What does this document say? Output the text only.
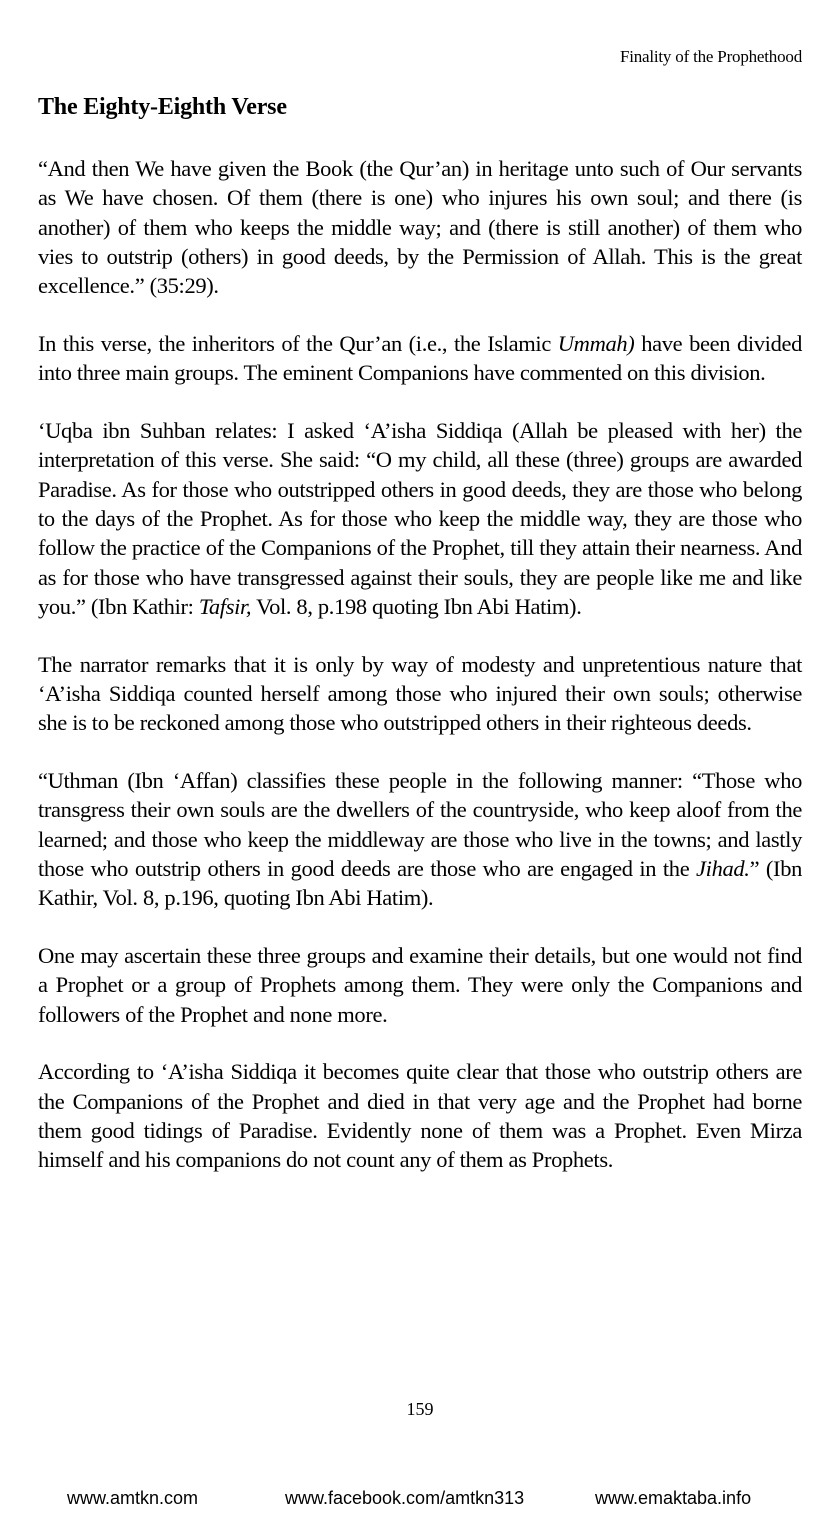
Finality of the Prophethood
The Eighty-Eighth Verse

“And then We have given the Book (the Qur’an) in heritage unto such of Our servants as We have chosen. Of them (there is one) who injures his own soul; and there (is another) of them who keeps the middle way; and (there is still another) of them who vies to outstrip (others) in good deeds, by the Permission of Allah. This is the great excellence.” (35:29).

In this verse, the inheritors of the Qur’an (i.e., the Islamic Ummah) have been divided into three main groups. The eminent Companions have commented on this division.

‘Uqba ibn Suhban relates: I asked ‘A’isha Siddiqa (Allah be pleased with her) the interpretation of this verse. She said: “O my child, all these (three) groups are awarded Paradise. As for those who outstripped others in good deeds, they are those who belong to the days of the Prophet. As for those who keep the middle way, they are those who follow the practice of the Companions of the Prophet, till they attain their nearness. And as for those who have transgressed against their souls, they are people like me and like you.” (Ibn Kathir: Tafsir, Vol. 8, p.198 quoting Ibn Abi Hatim).

The narrator remarks that it is only by way of modesty and unpretentious nature that ‘A’isha Siddiqa counted herself among those who injured their own souls; otherwise she is to be reckoned among those who outstripped others in their righteous deeds.

“Uthman (Ibn ‘Affan) classifies these people in the following manner: “Those who transgress their own souls are the dwellers of the countryside, who keep aloof from the learned; and those who keep the middleway are those who live in the towns; and lastly those who outstrip others in good deeds are those who are engaged in the Jihad.” (Ibn Kathir, Vol. 8, p.196, quoting Ibn Abi Hatim).

One may ascertain these three groups and examine their details, but one would not find a Prophet or a group of Prophets among them. They were only the Companions and followers of the Prophet and none more.

According to ‘A’isha Siddiqa it becomes quite clear that those who outstrip others are the Companions of the Prophet and died in that very age and the Prophet had borne them good tidings of Paradise. Evidently none of them was a Prophet. Even Mirza himself and his companions do not count any of them as Prophets.

159
www.amtkn.com	www.facebook.com/amtkn313	www.emaktaba.info
